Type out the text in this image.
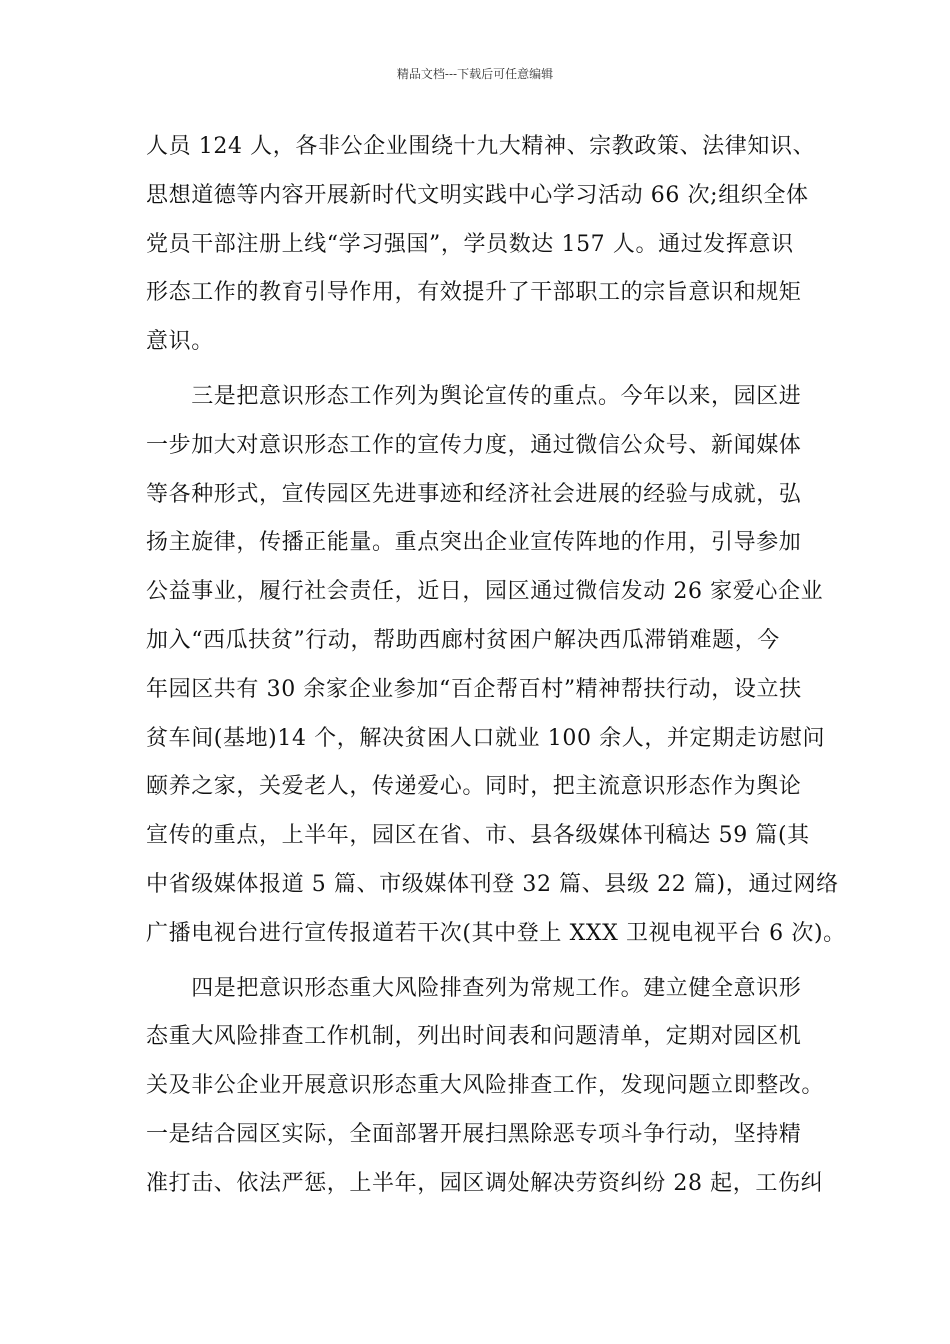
精品文档---下载后可任意编辑
人员 124 人，各非公企业围绕十九大精神、宗教政策、法律知识、
思想道德等内容开展新时代文明实践中心学习活动 66 次;组织全体
党员干部注册上线“学习强国”，学员数达 157 人。通过发挥意识
形态工作的教育引导作用，有效提升了干部职工的宗旨意识和规矩
意识。
　　三是把意识形态工作列为舆论宣传的重点。今年以来，园区进
一步加大对意识形态工作的宣传力度，通过微信公众号、新闻媒体
等各种形式，宣传园区先进事迹和经济社会进展的经验与成就，弘
扬主旋律，传播正能量。重点突出企业宣传阵地的作用，引导参加
公益事业，履行社会责任，近日，园区通过微信发动 26 家爱心企业
加入“西瓜扶贫”行动，帮助西廊村贫困户解决西瓜滞销难题，今
年园区共有 30 余家企业参加“百企帮百村”精神帮扶行动，设立扶
贫车间(基地)14 个，解决贫困人口就业 100 余人，并定期走访慰问
颐养之家，关爱老人，传递爱心。同时，把主流意识形态作为舆论
宣传的重点，上半年，园区在省、市、县各级媒体刊稿达 59 篇(其
中省级媒体报道 5 篇、市级媒体刊登 32 篇、县级 22 篇)，通过网络
广播电视台进行宣传报道若干次(其中登上 XXX 卫视电视平台 6 次)。
　　四是把意识形态重大风险排查列为常规工作。建立健全意识形
态重大风险排查工作机制，列出时间表和问题清单，定期对园区机
关及非公企业开展意识形态重大风险排查工作，发现问题立即整改。
一是结合园区实际，全面部署开展扫黑除恶专项斗争行动，坚持精
准打击、依法严惩，上半年，园区调处解决劳资纠纷 28 起，工伤纠
